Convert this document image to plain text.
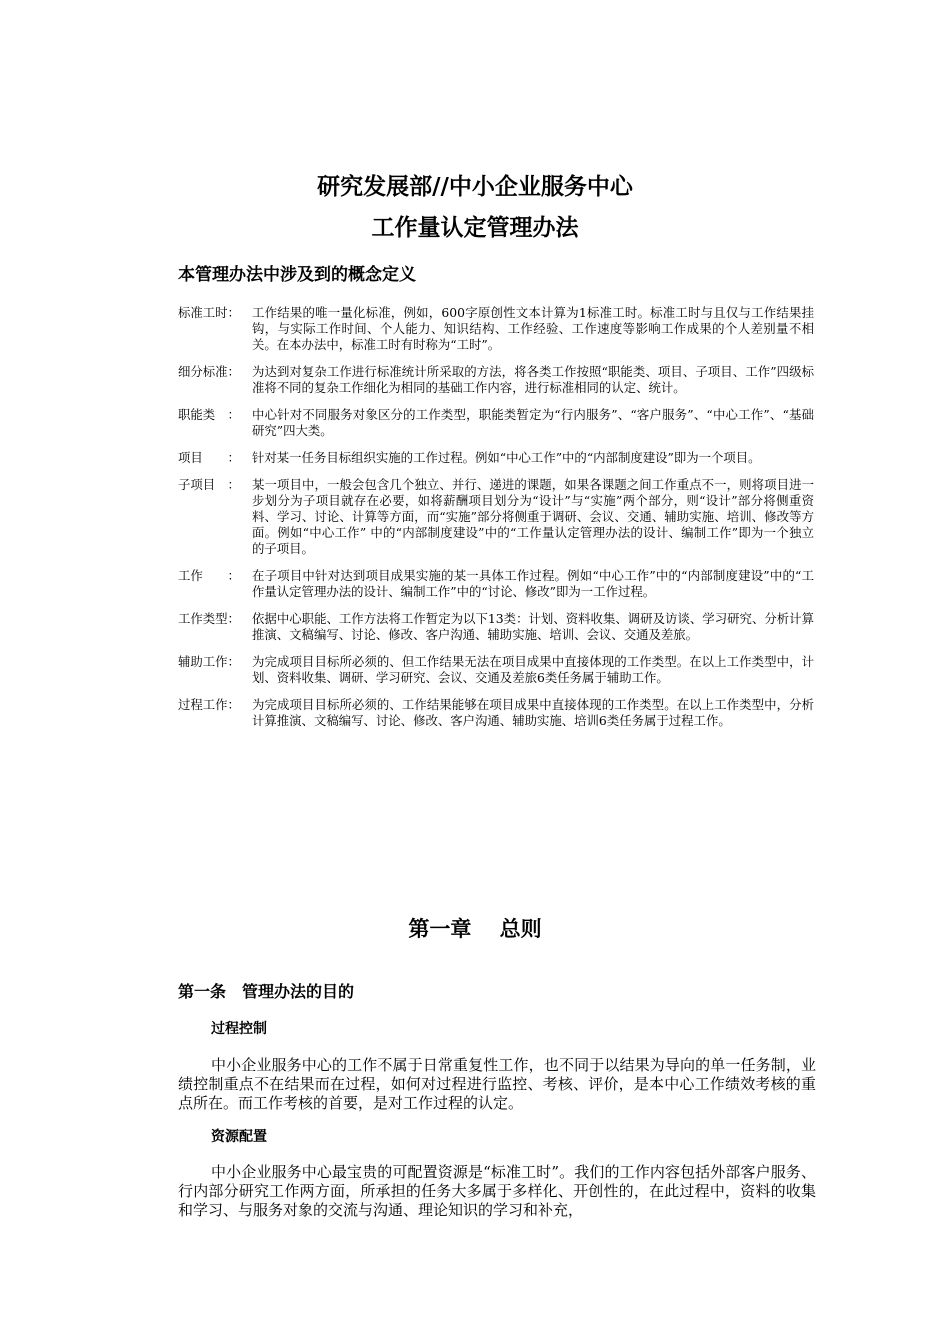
研究发展部//中小企业服务中心
工作量认定管理办法
本管理办法中涉及到的概念定义
标准工时： 工作结果的唯一量化标准，例如，600字原创性文本计算为1标准工时。标准工时与且仅与工作结果挂钩，与实际工作时间、个人能力、知识结构、工作经验、工作速度等影响工作成果的个人差别量不相关。在本办法中，标准工时有时称为“工时”。
细分标准： 为达到对复杂工作进行标准统计所采取的方法，将各类工作按照“职能类、项目、子项目、工作”四级标准将不同的复杂工作细化为相同的基础工作内容，进行标准相同的认定、统计。
职能类　： 中心针对不同服务对象区分的工作类型，职能类暂定为“行内服务”、“客户服务”、“中心工作”、“基础研究”四大类。
项目　　： 针对某一任务目标组织实施的工作过程。例如“中心工作”中的“内部制度建设”即为一个项目。
子项目　： 某一项目中，一般会包含几个独立、并行、递进的课题，如果各课题之间工作重点不一，则将项目进一步划分为子项目就存在必要，如将薪酬项目划分为“设计”与“实施”两个部分，则“设计”部分将侧重资料、学习、讨论、计算等方面，而“实施”部分将侧重于调研、会议、交通、辅助实施、培训、修改等方面。例如“中心工作” 中的“内部制度建设”中的“工作量认定管理办法的设计、编制工作”即为一个独立的子项目。
工作　　： 在子项目中针对达到项目成果实施的某一具体工作过程。例如“中心工作”中的“内部制度建设”中的“工作量认定管理办法的设计、编制工作”中的“讨论、修改”即为一工作过程。
工作类型： 依据中心职能、工作方法将工作暂定为以下13类：计划、资料收集、调研及访谈、学习研究、分析计算推演、文稿编写、讨论、修改、客户沟通、辅助实施、培训、会议、交通及差旅。
辅助工作： 为完成项目目标所必须的、但工作结果无法在项目成果中直接体现的工作类型。在以上工作类型中，计划、资料收集、调研、学习研究、会议、交通及差旅6类任务属于辅助工作。
过程工作： 为完成项目目标所必须的、工作结果能够在项目成果中直接体现的工作类型。在以上工作类型中，分析计算推演、文稿编写、讨论、修改、客户沟通、辅助实施、培训6类任务属于过程工作。
第一章　 总则
第一条　管理办法的目的
过程控制
中小企业服务中心的工作不属于日常重复性工作，也不同于以结果为导向的单一任务制，业绩控制重点不在结果而在过程，如何对过程进行监控、考核、评价，是本中心工作绩效考核的重点所在。而工作考核的首要，是对工作过程的认定。
资源配置
中小企业服务中心最宝贵的可配置资源是“标准工时”。我们的工作内容包括外部客户服务、行内部分研究工作两方面，所承担的任务大多属于多样化、开创性的，在此过程中，资料的收集和学习、与服务对象的交流与沟通、理论知识的学习和补充，
